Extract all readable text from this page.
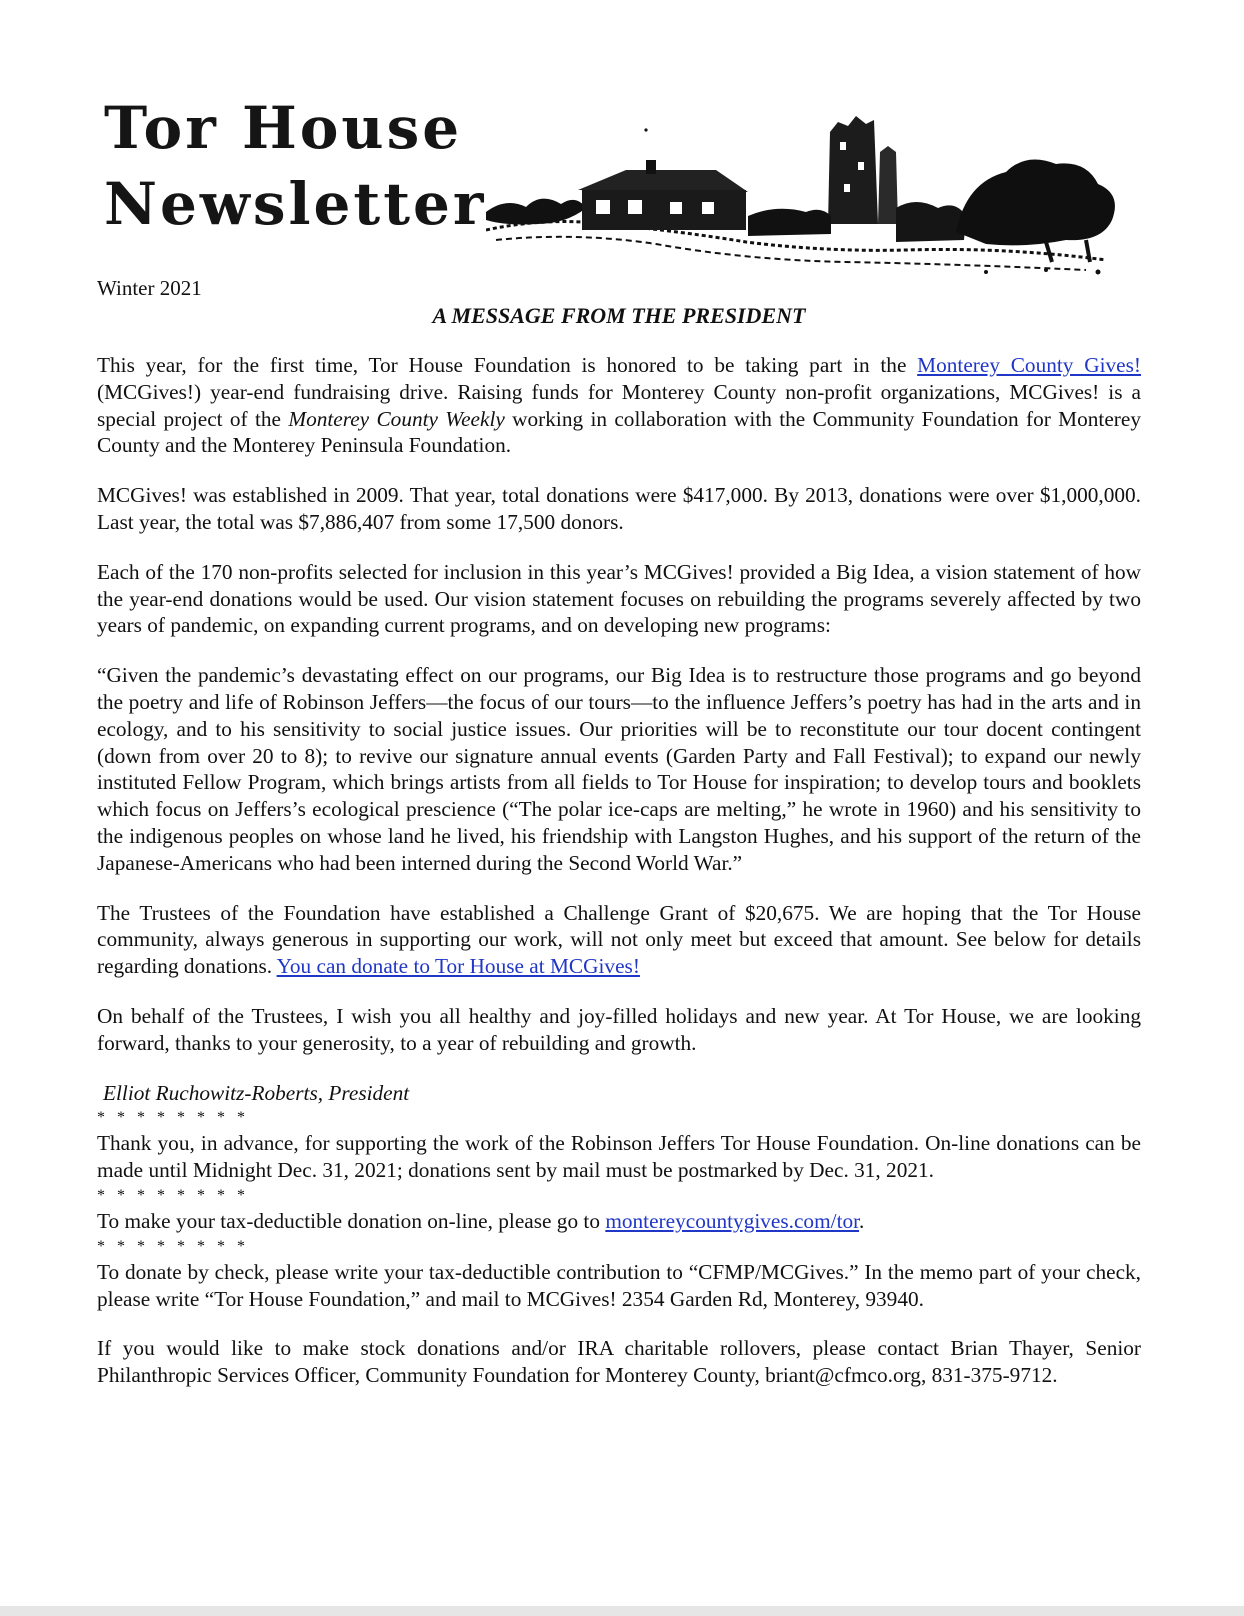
Tor House
Newsletter
Winter 2021
A MESSAGE FROM THE PRESIDENT

This year, for the first time, Tor House Foundation is honored to be taking part in the Monterey County Gives! (MCGives!) year-end fundraising drive. Raising funds for Monterey County non-profit organizations, MCGives! is a special project of the Monterey County Weekly working in collaboration with the Community Foundation for Monterey County and the Monterey Peninsula Foundation.

MCGives! was established in 2009. That year, total donations were $417,000. By 2013, donations were over $1,000,000. Last year, the total was $7,886,407 from some 17,500 donors.

Each of the 170 non-profits selected for inclusion in this year’s MCGives! provided a Big Idea, a vision statement of how the year-end donations would be used. Our vision statement focuses on rebuilding the programs severely affected by two years of pandemic, on expanding current programs, and on developing new programs:

“Given the pandemic’s devastating effect on our programs, our Big Idea is to restructure those programs and go beyond the poetry and life of Robinson Jeffers—the focus of our tours—to the influence Jeffers’s poetry has had in the arts and in ecology, and to his sensitivity to social justice issues. Our priorities will be to reconstitute our tour docent contingent (down from over 20 to 8); to revive our signature annual events (Garden Party and Fall Festival); to expand our newly instituted Fellow Program, which brings artists from all fields to Tor House for inspiration; to develop tours and booklets which focus on Jeffers’s ecological prescience (“The polar ice-caps are melting,” he wrote in 1960) and his sensitivity to the indigenous peoples on whose land he lived, his friendship with Langston Hughes, and his support of the return of the Japanese-Americans who had been interned during the Second World War.”

The Trustees of the Foundation have established a Challenge Grant of $20,675. We are hoping that the Tor House community, always generous in supporting our work, will not only meet but exceed that amount. See below for details regarding donations. You can donate to Tor House at MCGives!

On behalf of the Trustees, I wish you all healthy and joy-filled holidays and new year. At Tor House, we are looking forward, thanks to your generosity, to a year of rebuilding and growth.

Elliot Ruchowitz-Roberts, President

* * * * * * * *

Thank you, in advance, for supporting the work of the Robinson Jeffers Tor House Foundation. On-line donations can be made until Midnight Dec. 31, 2021; donations sent by mail must be postmarked by Dec. 31, 2021.

* * * * * * * *

To make your tax-deductible donation on-line, please go to montereycountygives.com/tor.

* * * * * * * *

To donate by check, please write your tax-deductible contribution to “CFMP/MCGives.” In the memo part of your check, please write “Tor House Foundation,” and mail to MCGives! 2354 Garden Rd, Monterey, 93940.

If you would like to make stock donations and/or IRA charitable rollovers, please contact Brian Thayer, Senior Philanthropic Services Officer, Community Foundation for Monterey County, briant@cfmco.org, 831-375-9712.
